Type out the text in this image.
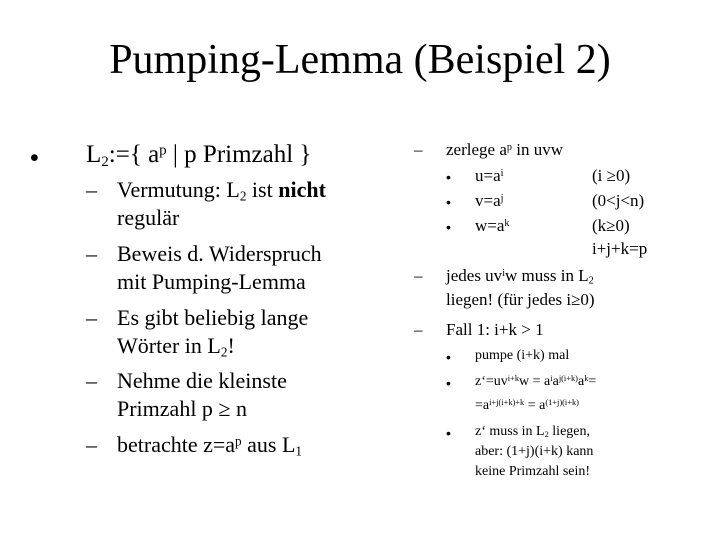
Pumping-Lemma (Beispiel 2)
• $L_2:=${ $a^p$ | p Primzahl }
– Vermutung: $L_2$ ist nicht
regulär
– Beweis d. Widerspruch
mit Pumping-Lemma
– Es gibt beliebig lange
Wörter in $L_2$!
– Nehme die kleinste
Primzahl p ≥ n
– betrachte $z=a^p$ aus $L_1$
– zerlege $a^p$ in uvw
• $u=a^i$	(i ≥0)
• $v=a^j$	(0<j<n)
• $w=a^k$	(k≥0)
i+j+k=p
– jedes $uv^iw$ muss in $L_2$
liegen! (für jedes i≥0)
– Fall 1: i+k > 1
• pumpe (i+k) mal
• $z‘=uv^{i+k}w = a^ia^{j(i+k)}a^k=$
$=a^{i+j(i+k)+k} = a^{(1+j)(i+k)}$
• z‘ muss in $L_2$ liegen,
aber: (1+j)(i+k) kann
keine Primzahl sein!
